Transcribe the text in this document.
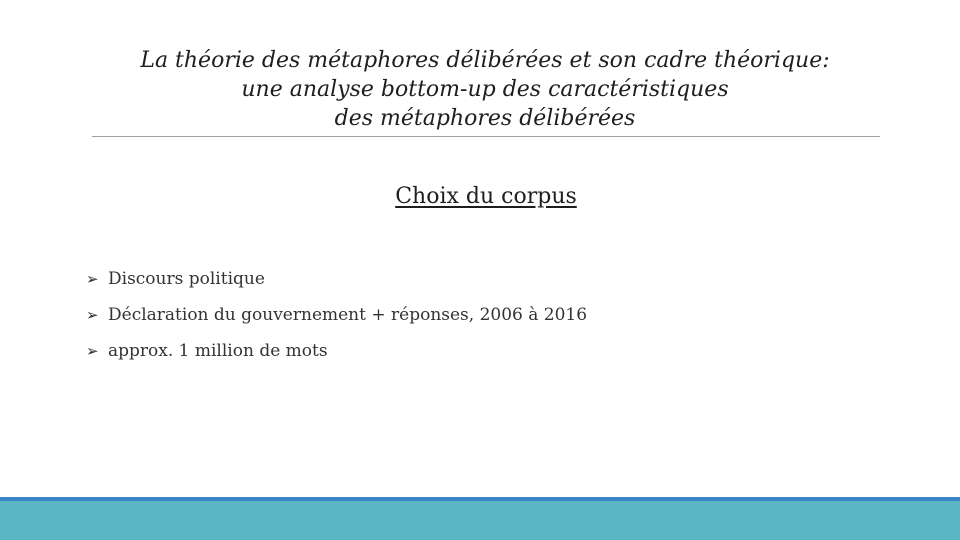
La théorie des métaphores délibérées et son cadre théorique:
une analyse bottom-up des caractéristiques
des métaphores délibérées
Choix du corpus
➢ Discours politique
➢ Déclaration du gouvernement + réponses, 2006 à 2016
➢ approx. 1 million de mots
